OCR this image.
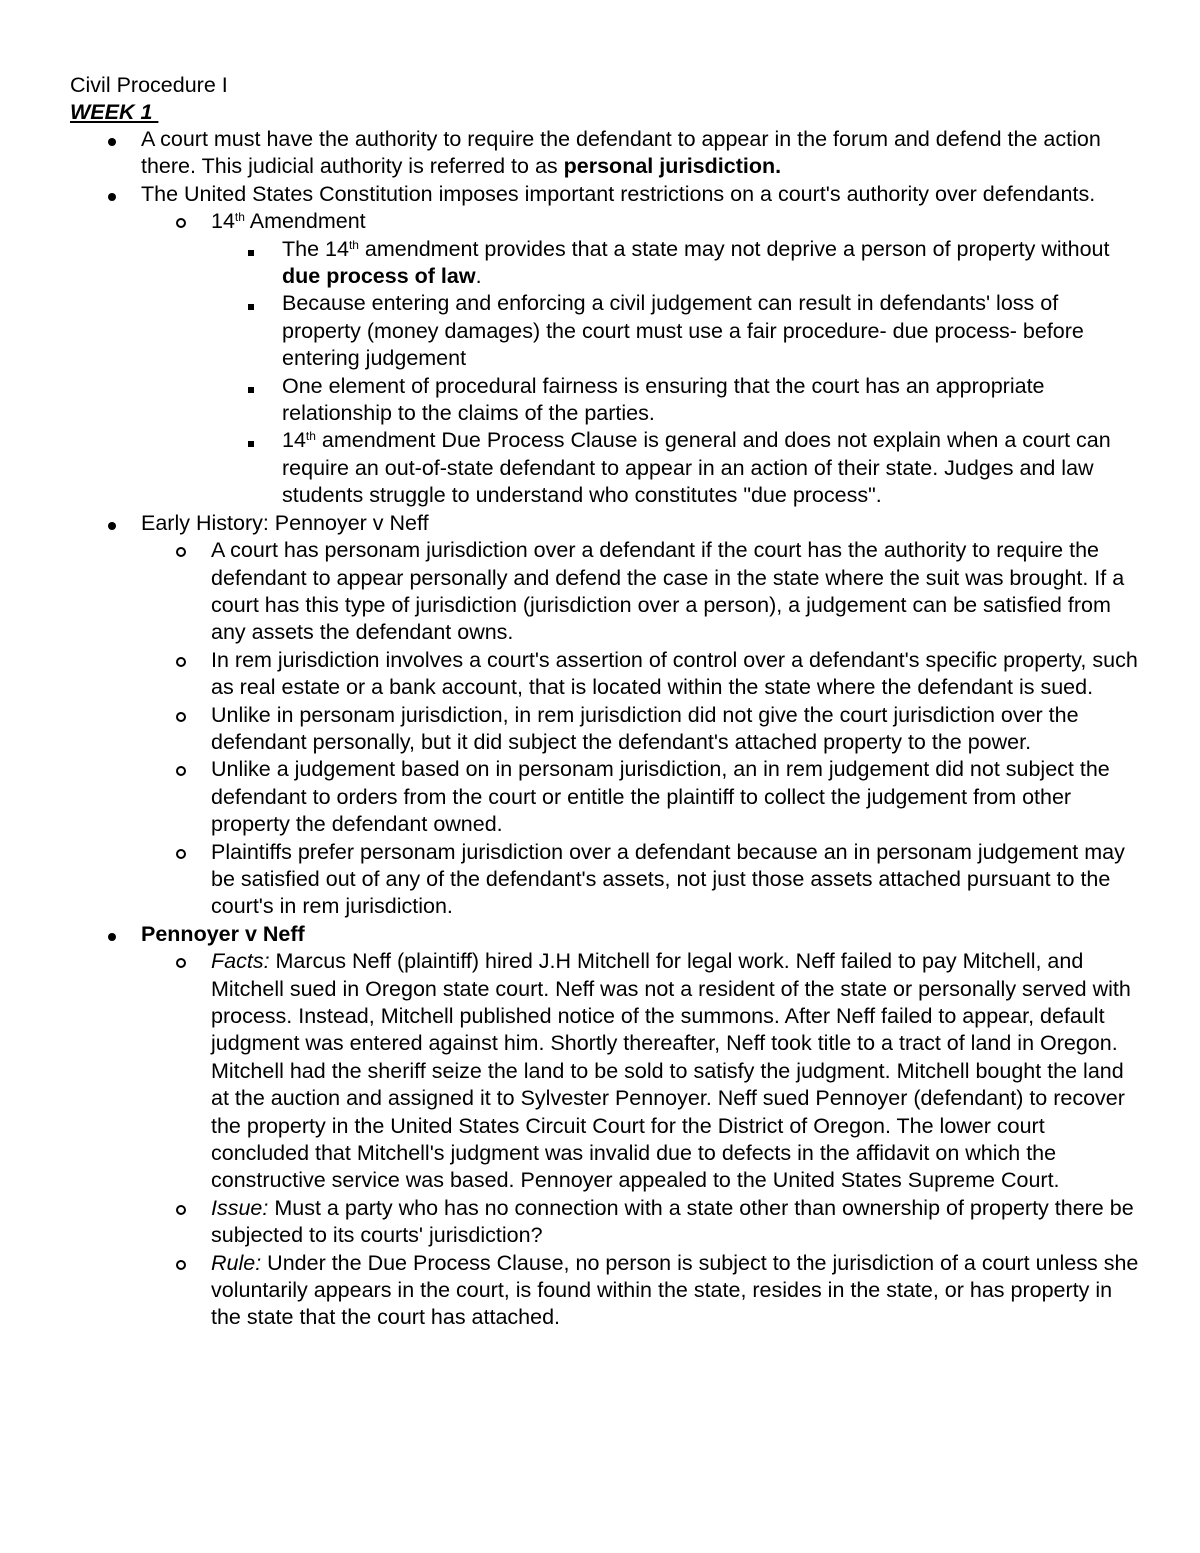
Civil Procedure I
WEEK 1

A court must have the authority to require the defendant to appear in the forum and defend the action there. This judicial authority is referred to as personal jurisdiction.

The United States Constitution imposes important restrictions on a court's authority over defendants.

14th Amendment

The 14th amendment provides that a state may not deprive a person of property without due process of law.

Because entering and enforcing a civil judgement can result in defendants' loss of property (money damages) the court must use a fair procedure- due process- before entering judgement

One element of procedural fairness is ensuring that the court has an appropriate relationship to the claims of the parties.

14th amendment Due Process Clause is general and does not explain when a court can require an out-of-state defendant to appear in an action of their state. Judges and law students struggle to understand who constitutes "due process".

Early History: Pennoyer v Neff

A court has personam jurisdiction over a defendant if the court has the authority to require the defendant to appear personally and defend the case in the state where the suit was brought. If a court has this type of jurisdiction (jurisdiction over a person), a judgement can be satisfied from any assets the defendant owns.

In rem jurisdiction involves a court's assertion of control over a defendant's specific property, such as real estate or a bank account, that is located within the state where the defendant is sued.

Unlike in personam jurisdiction, in rem jurisdiction did not give the court jurisdiction over the defendant personally, but it did subject the defendant's attached property to the power.

Unlike a judgement based on in personam jurisdiction, an in rem judgement did not subject the defendant to orders from the court or entitle the plaintiff to collect the judgement from other property the defendant owned.

Plaintiffs prefer personam jurisdiction over a defendant because an in personam judgement may be satisfied out of any of the defendant's assets, not just those assets attached pursuant to the court's in rem jurisdiction.

Pennoyer v Neff

Facts: Marcus Neff (plaintiff) hired J.H Mitchell for legal work. Neff failed to pay Mitchell, and Mitchell sued in Oregon state court. Neff was not a resident of the state or personally served with process. Instead, Mitchell published notice of the summons. After Neff failed to appear, default judgment was entered against him. Shortly thereafter, Neff took title to a tract of land in Oregon. Mitchell had the sheriff seize the land to be sold to satisfy the judgment. Mitchell bought the land at the auction and assigned it to Sylvester Pennoyer. Neff sued Pennoyer (defendant) to recover the property in the United States Circuit Court for the District of Oregon. The lower court concluded that Mitchell's judgment was invalid due to defects in the affidavit on which the constructive service was based. Pennoyer appealed to the United States Supreme Court.

Issue: Must a party who has no connection with a state other than ownership of property there be subjected to its courts' jurisdiction?

Rule: Under the Due Process Clause, no person is subject to the jurisdiction of a court unless she voluntarily appears in the court, is found within the state, resides in the state, or has property in the state that the court has attached.
